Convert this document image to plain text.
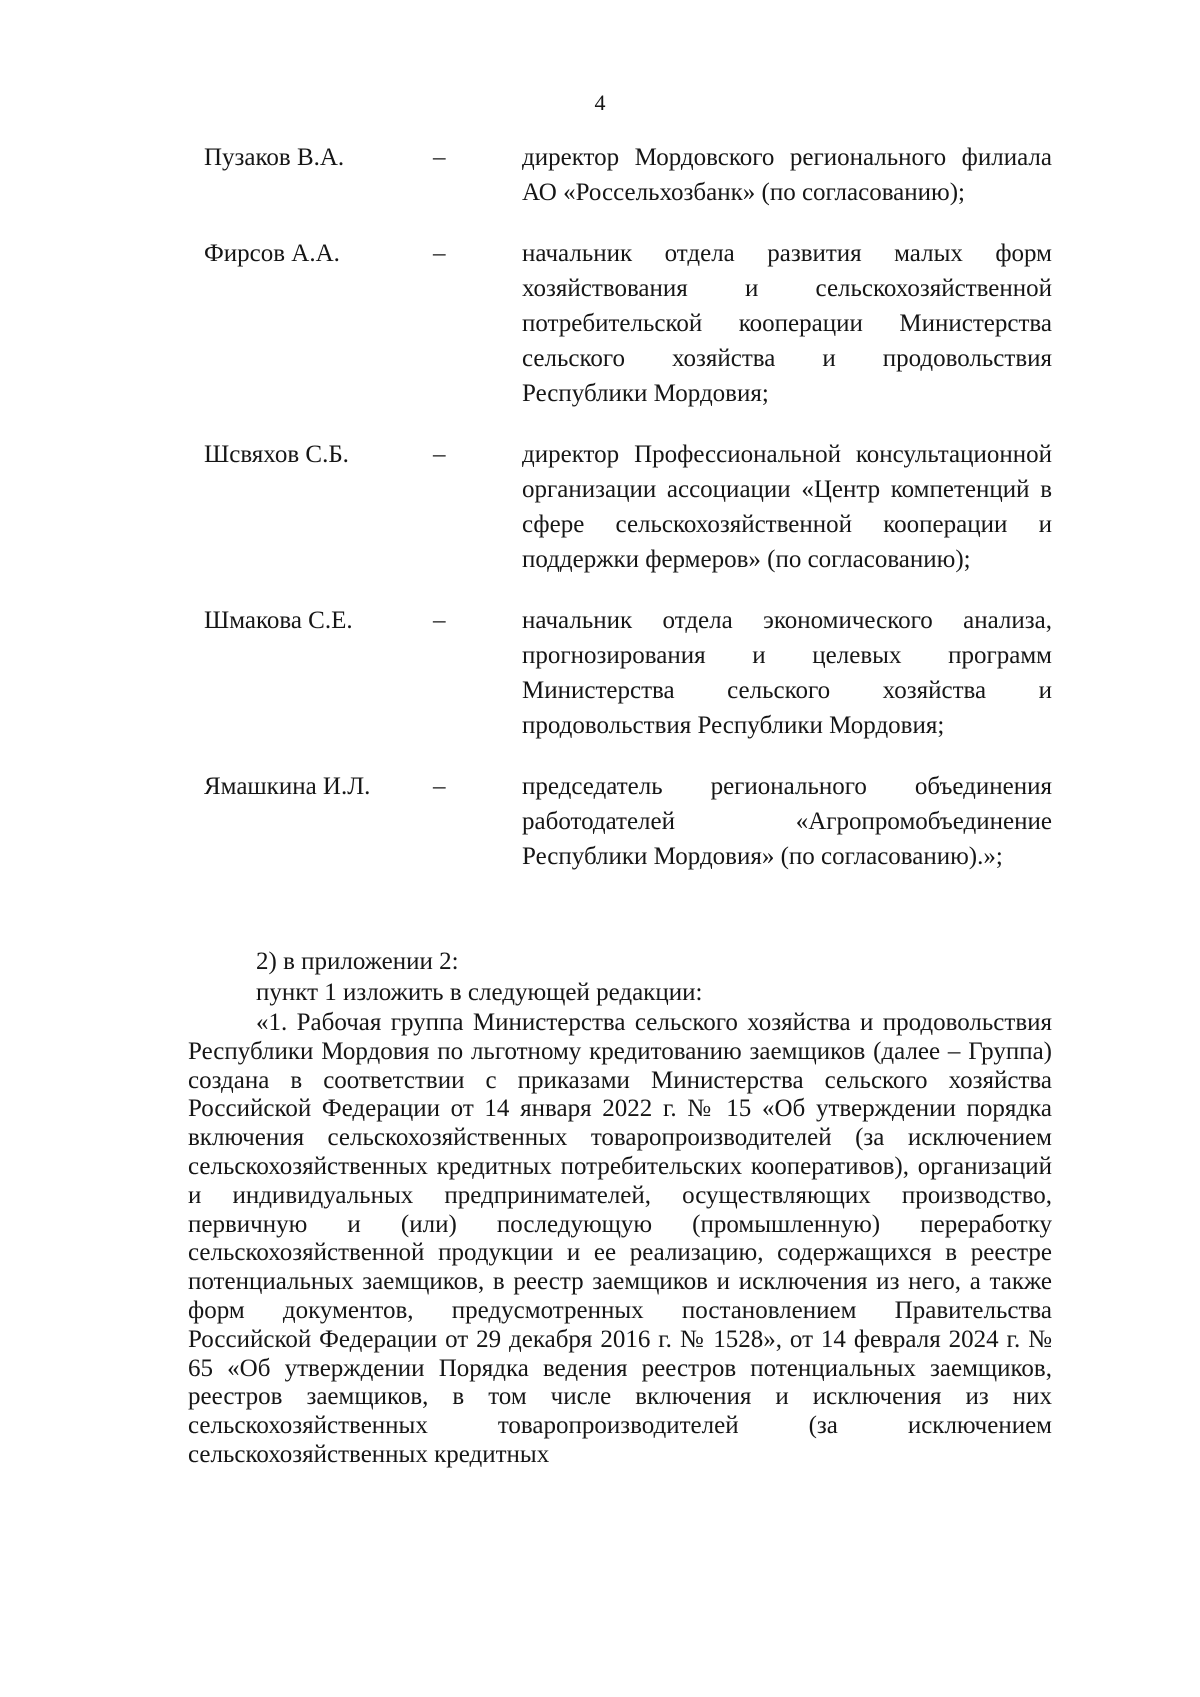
4
Пузаков В.А.	–	директор Мордовского регионального филиала АО «Россельхозбанк» (по согласованию);
Фирсов А.А.	–	начальник отдела развития малых форм хозяйствования и сельскохозяйственной потребительской кооперации Министерства сельского хозяйства и продовольствия Республики Мордовия;
Шсвяхов С.Б.	–	директор Профессиональной консультационной организации ассоциации «Центр компетенций в сфере сельскохозяйственной кооперации и поддержки фермеров» (по согласованию);
Шмакова С.Е.	–	начальник отдела экономического анализа, прогнозирования и целевых программ Министерства сельского хозяйства и продовольствия Республики Мордовия;
Ямашкина И.Л.	–	председатель регионального объединения работодателей «Агропромобъединение Республики Мордовия» (по согласованию).»;
2) в приложении 2:
пункт 1 изложить в следующей редакции:

«1. Рабочая группа Министерства сельского хозяйства и продовольствия Республики Мордовия по льготному кредитованию заемщиков (далее – Группа) создана в соответствии с приказами Министерства сельского хозяйства Российской Федерации от 14 января 2022 г. № 15 «Об утверждении порядка включения сельскохозяйственных товаропроизводителей (за исключением сельскохозяйственных кредитных потребительских кооперативов), организаций и индивидуальных предпринимателей, осуществляющих производство, первичную и (или) последующую (промышленную) переработку сельскохозяйственной продукции и ее реализацию, содержащихся в реестре потенциальных заемщиков, в реестр заемщиков и исключения из него, а также форм документов, предусмотренных постановлением Правительства Российской Федерации от 29 декабря 2016 г. № 1528», от 14 февраля 2024 г. № 65 «Об утверждении Порядка ведения реестров потенциальных заемщиков, реестров заемщиков, в том числе включения и исключения из них сельскохозяйственных товаропроизводителей (за исключением сельскохозяйственных кредитных
